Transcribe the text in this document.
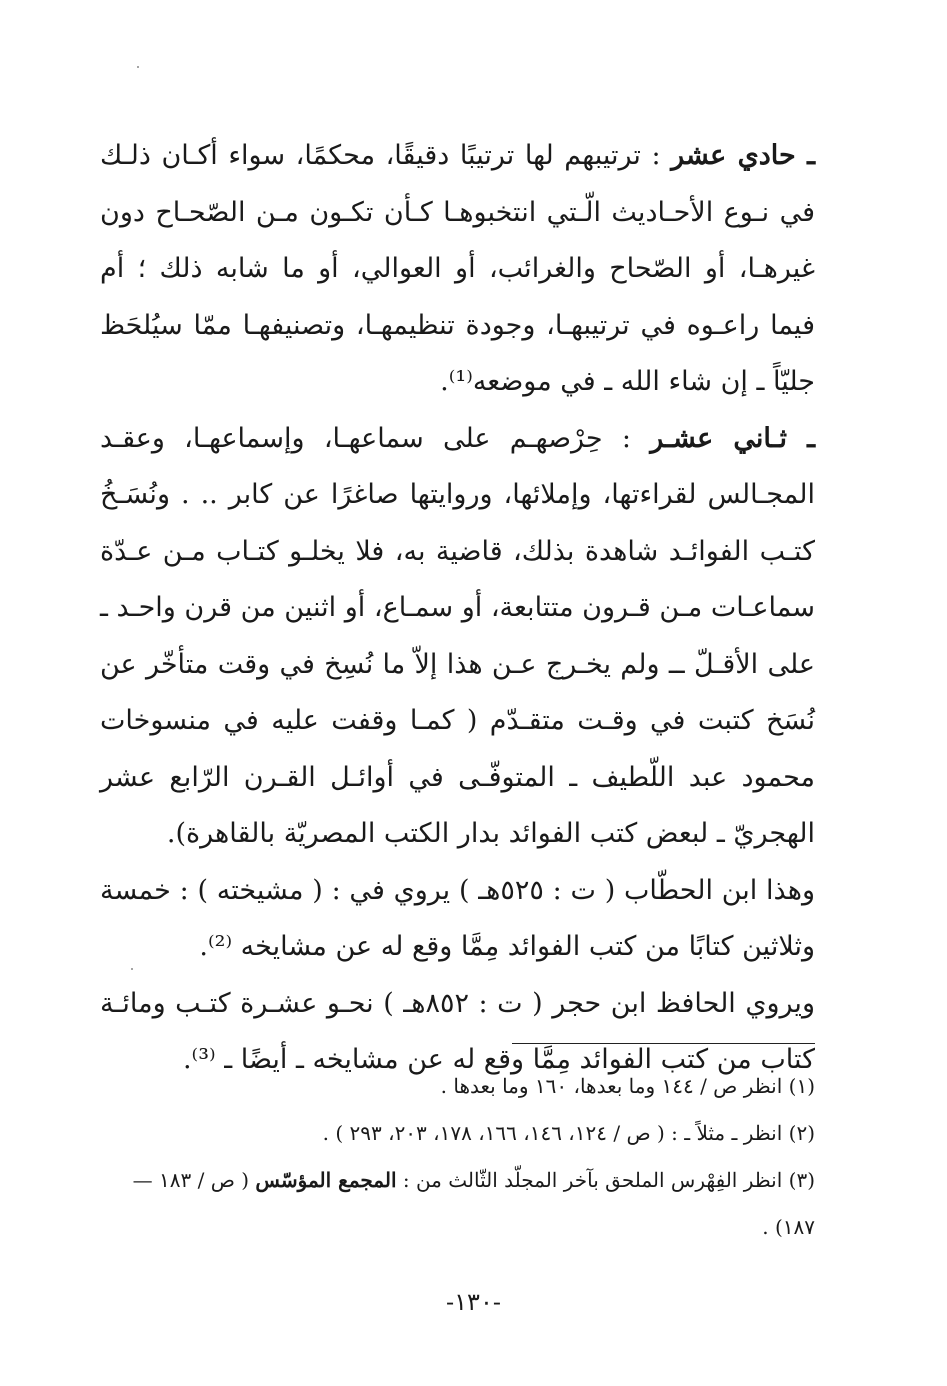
ـ حادي عشر : ترتيبهم لها ترتيبًا دقيقًا، محكمًا، سواء أكـان ذلـك في نـوع الأحـاديث الّـتي انتخبوهـا كـأن تكـون مـن الصّحـاح دون غيرهـا، أو الصّحاح والغرائب، أو العوالي، أو ما شابه ذلك ؛ أم فيما راعـوه في ترتيبهـا، وجودة تنظيمهـا، وتصنيفهـا ممّا سيُلحَظ جليّاً ـ إن شاء الله ـ في موضعه⁽¹⁾.

ـ ثـاني عشـر : حِرْصهـم على سماعهـا، وإسماعهـا، وعقـد المجـالس لقراءتها، وإملائها، وروايتها صاغرًا عن كابر .. . ونُسَـخُ كتـب الفوائـد شاهدة بذلك، قاضية به، فلا يخلـو كتـاب مـن عـدّة سماعـات مـن قـرون متتابعة، أو سمـاع، أو اثنين من قرن واحـد ـ على الأقـلّ ــ ولم يخـرج عـن هذا إلاّ ما نُسِخ في وقت متأخّر عن نُسَخ كتبت في وقـت متقـدّم ( كمـا وقفت عليه في منسوخات محمود عبد اللّطيف ـ المتوفّـى في أوائـل القـرن الرّابع عشر الهجريّ ـ لبعض كتب الفوائد بدار الكتب المصريّة بالقاهرة).

وهذا ابن الحطّاب ( ت : ٥٢٥هـ ) يروي في : ( مشيخته ) : خمسة وثلاثين كتابًا من كتب الفوائد مِمَّا وقع له عن مشايخه ⁽²⁾.

ويروي الحافظ ابن حجر ( ت : ٨٥٢هـ ) نحـو عشـرة كتـب ومائـة كتاب من كتب الفوائد مِمَّا وقع له عن مشايخه ـ أيضًا ـ ⁽³⁾.

(١) انظر ص / ١٤٤ وما بعدها، ١٦٠ وما بعدها .

(٢) انظر ـ مثلاً ـ : ( ص / ١٢٤، ١٤٦، ١٦٦، ١٧٨، ٢٠٣، ٢٩٣ ) .

(٣) انظر الفِهْرس الملحق بآخر المجلّد الثّالث من : المجمع المؤسّس ( ص / ١٨٣ — ١٨٧) .

-١٣٠-
